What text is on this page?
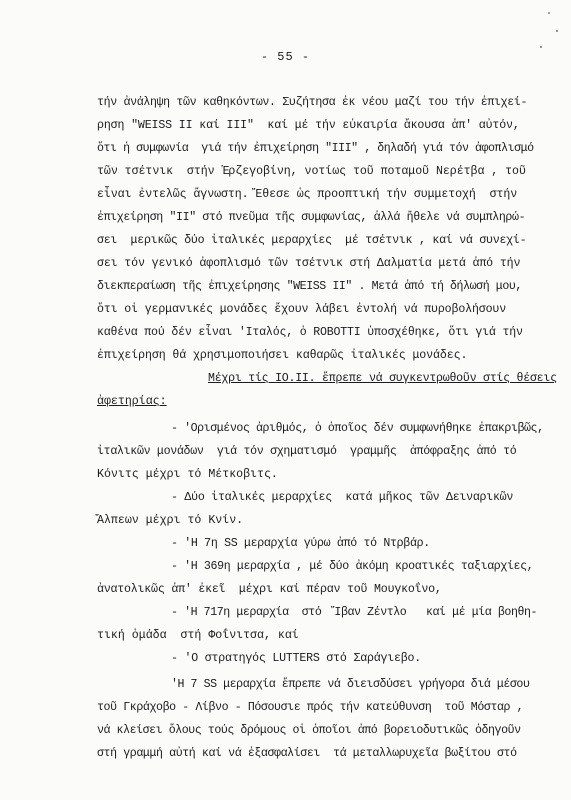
- 55 -
τήν ἀνάληψη τῶν καθηκόντων. Συζήτησα ἐκ νέου μαζί του τήν ἐπιχεί-
ρηση "WEISS II καί III"  καί μέ τήν εὐκαιρία ἄκουσα ἀπ' αὐτόν,
ὅτι ἡ συμφωνία  γιά τήν ἐπιχείρηση "III" , δηλαδή γιά τόν ἀφοπλισμό
τῶν τσέτνικ  στήν Ἑρζεγοβίνη, νοτίως τοῦ ποταμοῦ Νερέτβα , τοῦ
εἶναι ἐντελῶς ἄγνωστη. Ἔθεσε ὡς προοπτική τήν συμμετοχή  στήν
ἐπιχείρηση "II" στό πνεῦμα τῆς συμφωνίας, ἀλλά ἤθελε νά συμπληρώ-
σει  μερικῶς δύο ἰταλικές μεραρχίες  μέ τσέτνικ , καί νά συνεχί-
σει τόν γενικό ἀφοπλισμό τῶν τσέτνικ στή Δαλματία μετά ἀπό τήν
διεκπεραίωση τῆς ἐπιχείρησης "WEISS II" . Μετά ἀπό τή δήλωσή μου,
ὅτι οἱ γερμανικές μονάδες ἔχουν λάβει ἐντολή νά πυροβολήσουν
καθένα πού δέν εἶναι 'Ιταλός, ὁ ROBOTTI ὑποσχέθηκε, ὅτι γιά τήν
ἐπιχείρηση θά χρησιμοποιήσει καθαρῶς ἰταλικές μονάδες.
Μέχρι τίς IO.II. ἔπρεπε νά συγκεντρωθοῦν στίς θέσεις
ἀφετηρίας:
- 'Ορισμένος ἀριθμός, ὁ ὁποῖος δέν συμφωνήθηκε ἐπακριβῶς,
ἰταλικῶν μονάδων  γιά τόν σχηματισμό  γραμμῆς  ἀπόφραξης ἀπό τό
Κόνιτς μέχρι τό Μέτκοβιτς.
- Δύο ἰταλικές μεραρχίες  κατά μῆκος τῶν Δειναρικῶν
Ἄλπεων μέχρι τό Κνίν.
- 'Η 7η SS μεραρχία γύρω ἀπό τό Ντρβάρ.
- 'Η 369η μεραρχία , μέ δύο ἀκόμη κροατικές ταξιαρχίες,
ἀνατολικῶς ἀπ' ἐκεῖ  μέχρι καί πέραν τοῦ Μουγκοΐνο,
- 'Η 717η μεραρχία  στό  Ἴβαν Ζέντλο   καί μέ μία βοηθη-
τική ὁμάδα  στή Φοΐνιτσα, καί
- 'Ο στρατηγός LUTTERS στό Σαράγιεβο.
'Η 7 SS μεραρχία ἔπρεπε νά διεισδύσει γρήγορα διά μέσου
τοῦ Γκράχοβο - Λίβνο - Πόσουσιε πρός τήν κατεύθυνση  τοῦ Μόσταρ ,
νά κλείσει ὅλους τούς δρόμους οἱ ὁποῖοι ἀπό βορειοδυτικῶς ὁδηγοῦν
στή γραμμή αὐτή καί νά ἐξασφαλίσει  τά μεταλλωρυχεῖα βωξίτου στό
